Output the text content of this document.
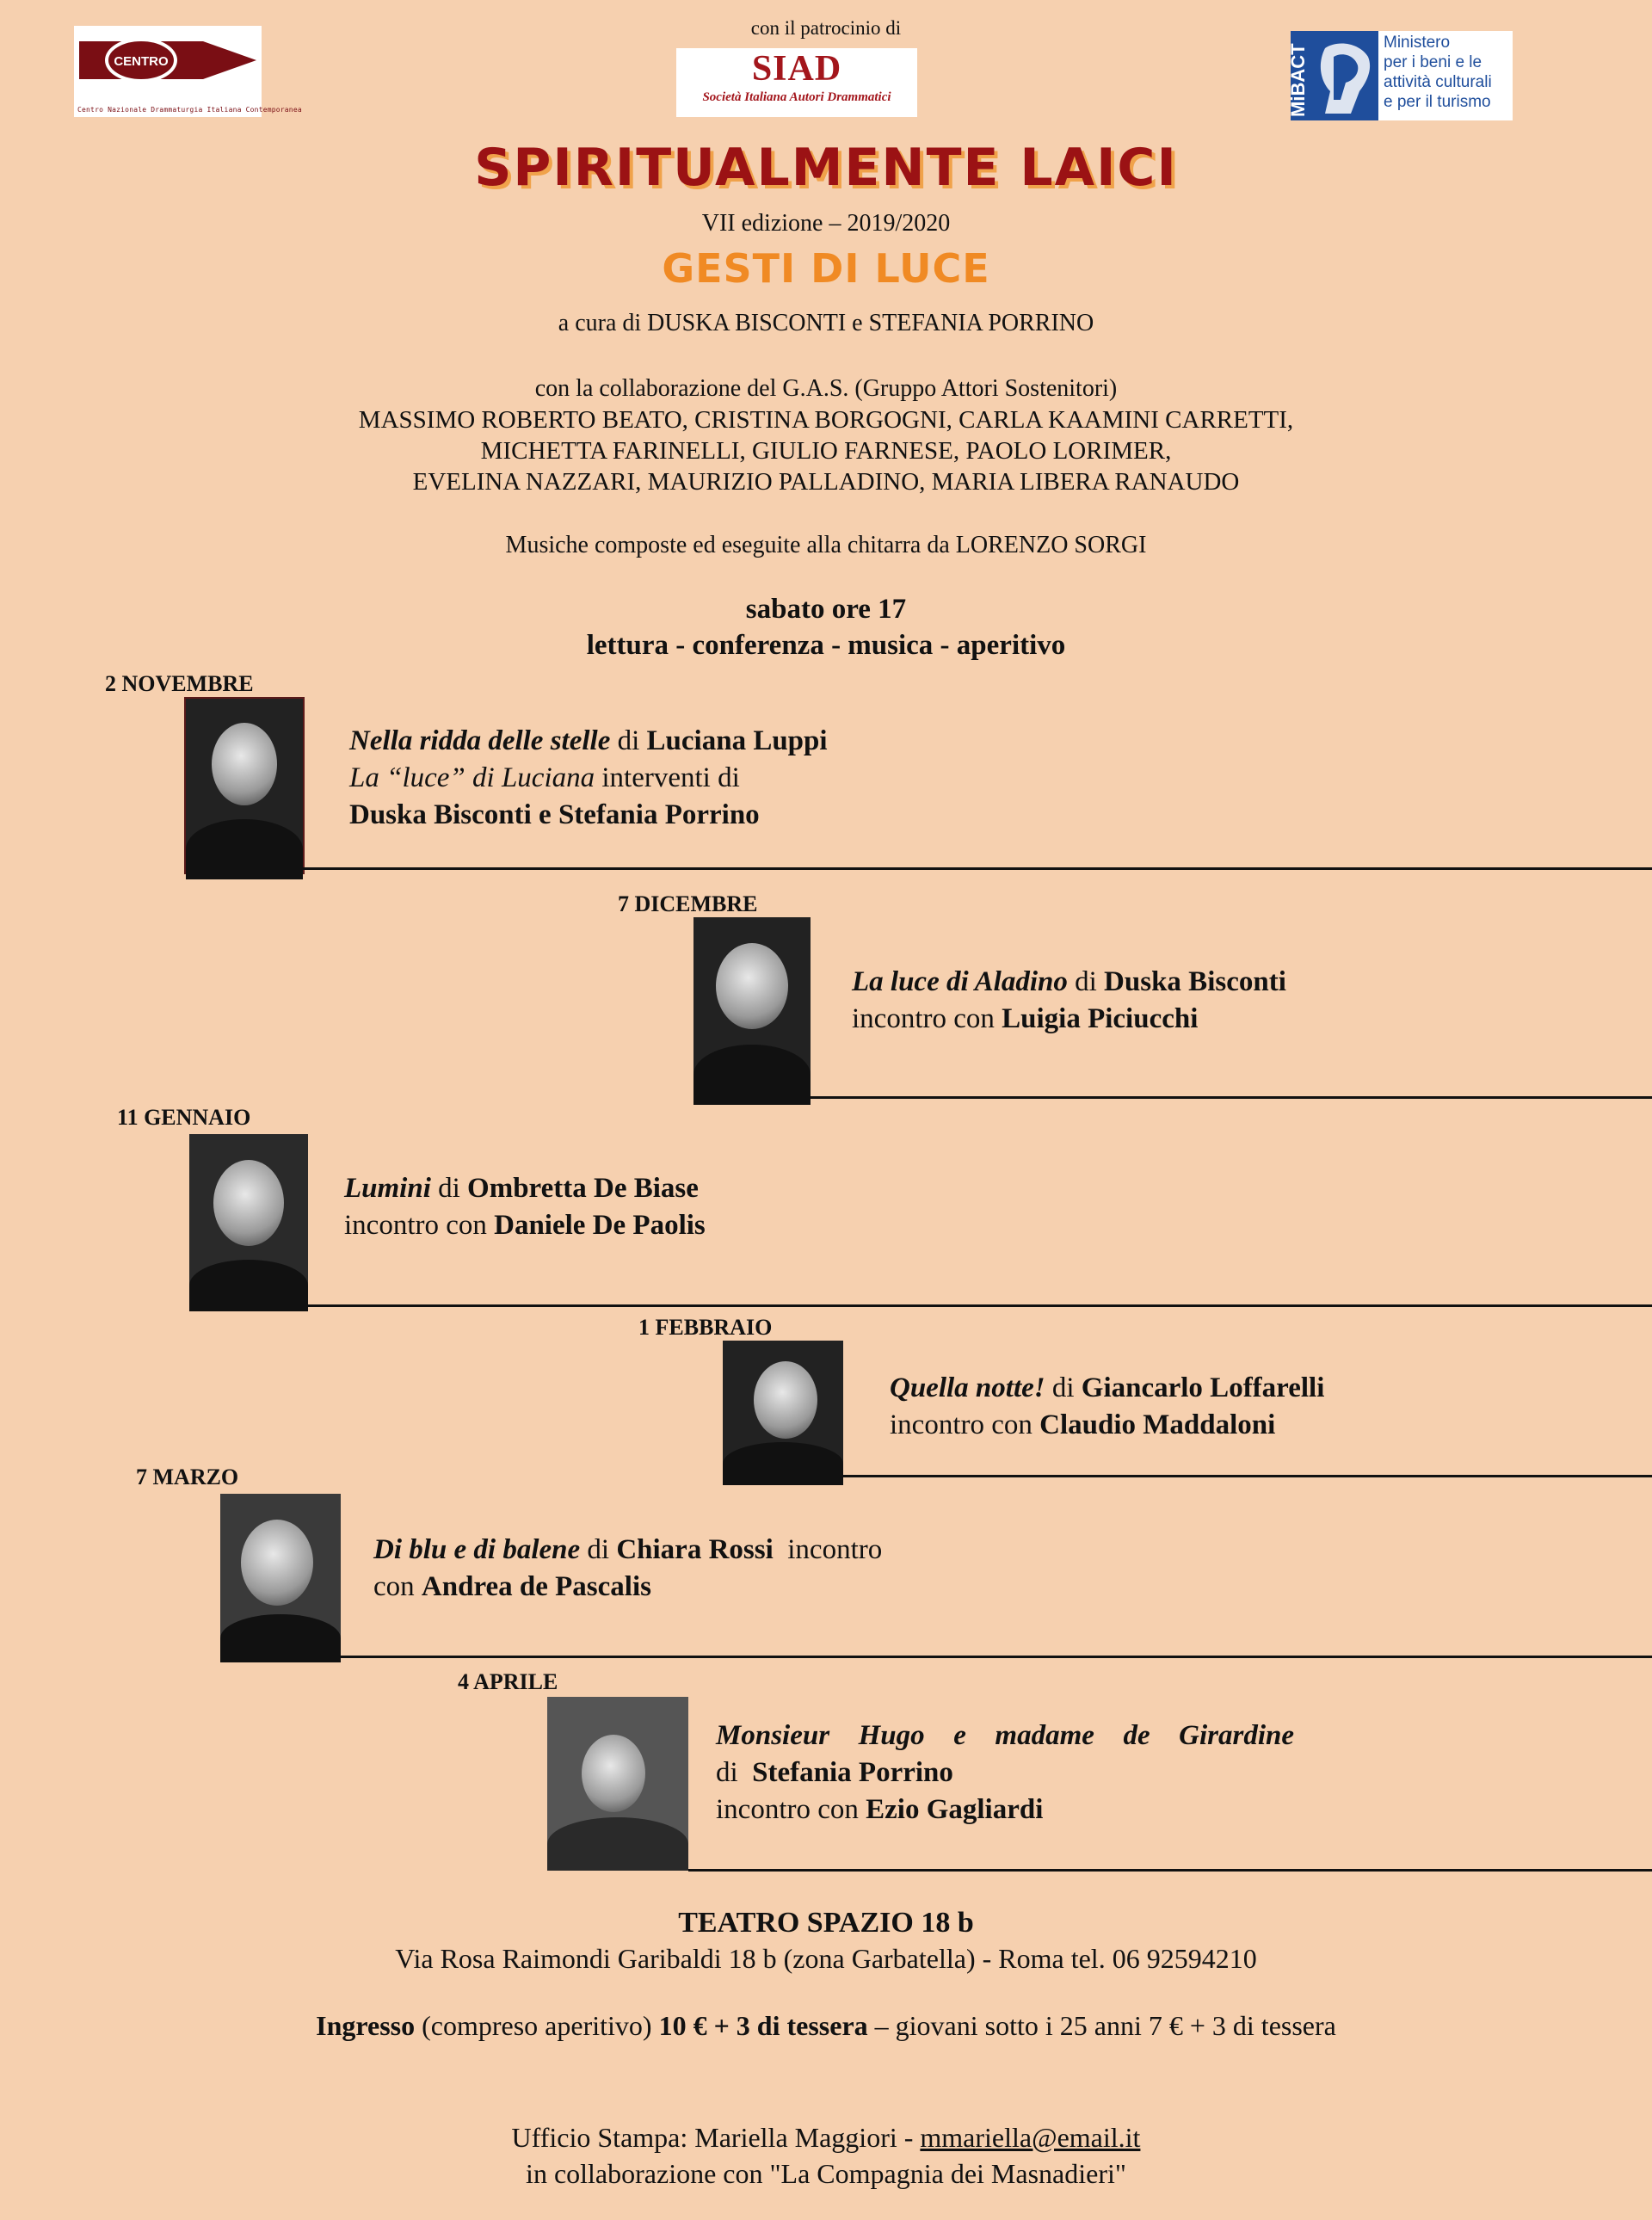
CENTRO
Centro Nazionale Drammaturgia Italiana Contemporanea
con il patrocinio di
SIAD
Società Italiana Autori Drammatici	MiBACT
Ministero
per i beni e le
attività culturali
e per il turismo
SPIRITUALMENTE LAICI
VII edizione – 2019/2020
GESTI DI LUCE
a cura di DUSKA BISCONTI e STEFANIA PORRINO
con la collaborazione del G.A.S. (Gruppo Attori Sostenitori)
MASSIMO ROBERTO BEATO, CRISTINA BORGOGNI, CARLA KAAMINI CARRETTI,
MICHETTA FARINELLI, GIULIO FARNESE, PAOLO LORIMER,
EVELINA NAZZARI, MAURIZIO PALLADINO, MARIA LIBERA RANAUDO
Musiche composte ed eseguite alla chitarra da LORENZO SORGI
sabato ore 17
lettura - conferenza - musica - aperitivo
2 NOVEMBRE
Nella ridda delle stelle di Luciana Luppi
La “luce” di Luciana interventi di
Duska Bisconti e Stefania Porrino
7 DICEMBRE
La luce di Aladino di Duska Bisconti
incontro con Luigia Piciucchi
11 GENNAIO
Lumini di Ombretta De Biase
incontro con Daniele De Paolis
1 FEBBRAIO
Quella notte! di Giancarlo Loffarelli
incontro con Claudio Maddaloni
7 MARZO
Di blu e di balene di Chiara Rossi  incontro
con Andrea de Pascalis
4 APRILE
Monsieur Hugo e madame de Girardine
di  Stefania Porrino
incontro con Ezio Gagliardi
TEATRO SPAZIO 18 b
Via Rosa Raimondi Garibaldi 18 b (zona Garbatella) - Roma tel. 06 92594210
Ingresso (compreso aperitivo) 10 € + 3 di tessera – giovani sotto i 25 anni 7 € + 3 di tessera
Ufficio Stampa: Mariella Maggiori - mmariella@email.it
in collaborazione con "La Compagnia dei Masnadieri"
